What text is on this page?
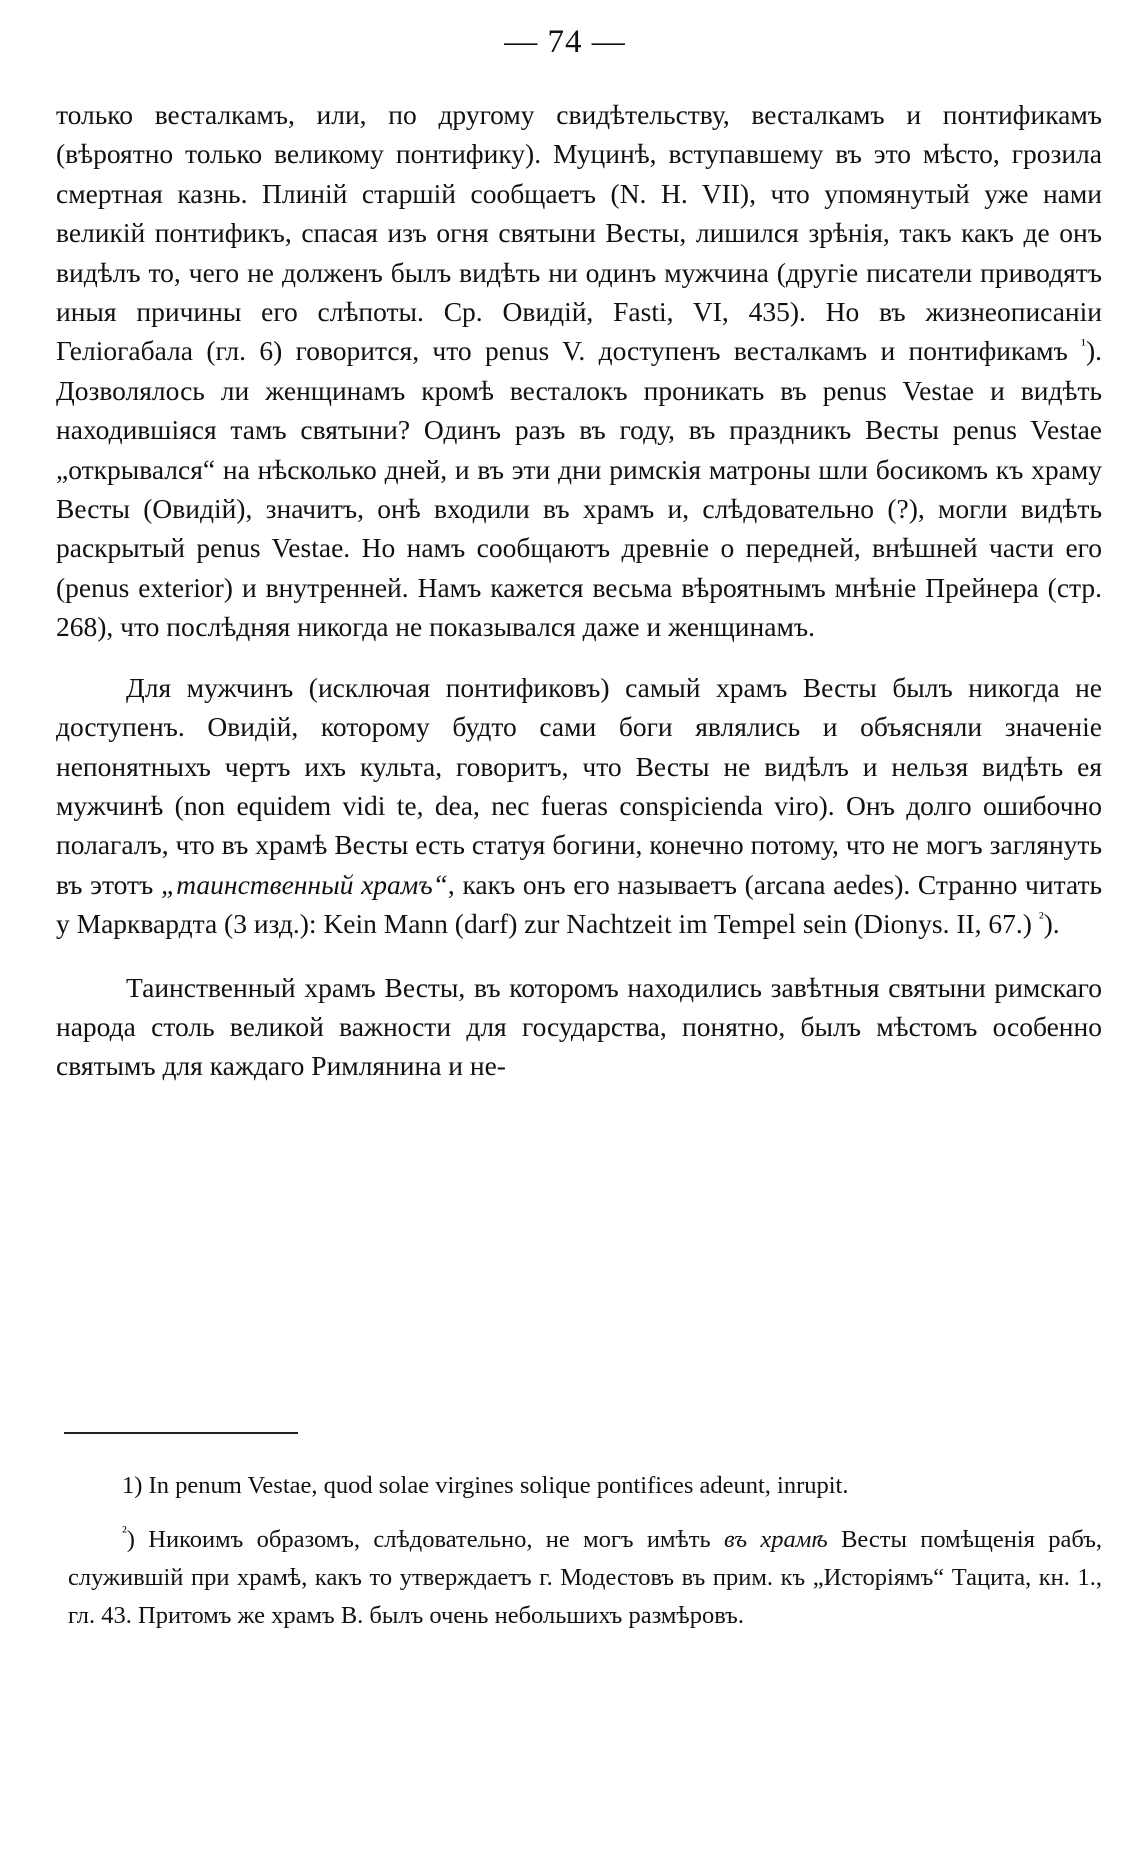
— 74 —

только весталкамъ, или, по другому свидѣтельству, весталкамъ и понтификамъ (вѣроятно только великому понтифику). Муцинѣ, вступавшему въ это мѣсто, грозила смертная казнь. Плиній старшій сообщаетъ (N. H. VII), что упомянутый уже нами великій понтификъ, спасая изъ огня святыни Весты, лишился зрѣнія, такъ какъ де онъ видѣлъ то, чего не долженъ былъ видѣть ни одинъ мужчина (другіе писатели приводятъ иныя причины его слѣпоты. Ср. Овидій, Fasti, VI, 435). Но въ жизнеописаніи Геліогабала (гл. 6) говорится, что penus V. доступенъ весталкамъ и понтификамъ $^{^1}$). Дозволялось ли женщинамъ кромѣ весталокъ проникать въ penus Vestae и видѣть находившіяся тамъ святыни? Одинъ разъ въ году, въ праздникъ Весты penus Vestae „открывался“ на нѣсколько дней, и въ эти дни римскія матроны шли босикомъ къ храму Весты (Овидій), значитъ, онѣ входили въ храмъ и, слѣдовательно (?), могли видѣть раскрытый penus Vestae. Но намъ сообщаютъ древніе о передней, внѣшней части его (penus exterior) и внутренней. Намъ кажется весьма вѣроятнымъ мнѣніе Прейнера (стр. 268), что послѣдняя никогда не показывался даже и женщинамъ.

Для мужчинъ (исключая понтификовъ) самый храмъ Весты былъ никогда не доступенъ. Овидій, которому будто сами боги являлись и объясняли значеніе непонятныхъ чертъ ихъ культа, говоритъ, что Весты не видѣлъ и нельзя видѣть ея мужчинѣ (non equidem vidi te, dea, nec fueras conspicienda viro). Онъ долго ошибочно полагалъ, что въ храмѣ Весты есть статуя богини, конечно потому, что не могъ заглянуть въ этотъ „таинственный храмъ“, какъ онъ его называетъ (arcana aedes). Странно читать у Марквардта (3 изд.): Kein Mann (darf) zur Nachtzeit im Tempel sein (Dionys. II, 67.) $^{^2}$).

Таинственный храмъ Весты, въ которомъ находились завѣтныя святыни римскаго народа столь великой важности для государства, понятно, былъ мѣстомъ особенно святымъ для каждаго Римлянина и не-

1) In penum Vestae, quod solae virgines solique pontifices adeunt, inrupit.

$^{^2}$) Никоимъ образомъ, слѣдовательно, не могъ имѣть въ храмѣ Весты помѣщенія рабъ, служившій при храмѣ, какъ то утверждаетъ г. Модестовъ въ прим. къ „Исторіямъ“ Тацита, кн. 1., гл. 43. Притомъ же храмъ В. былъ очень небольшихъ размѣровъ.
